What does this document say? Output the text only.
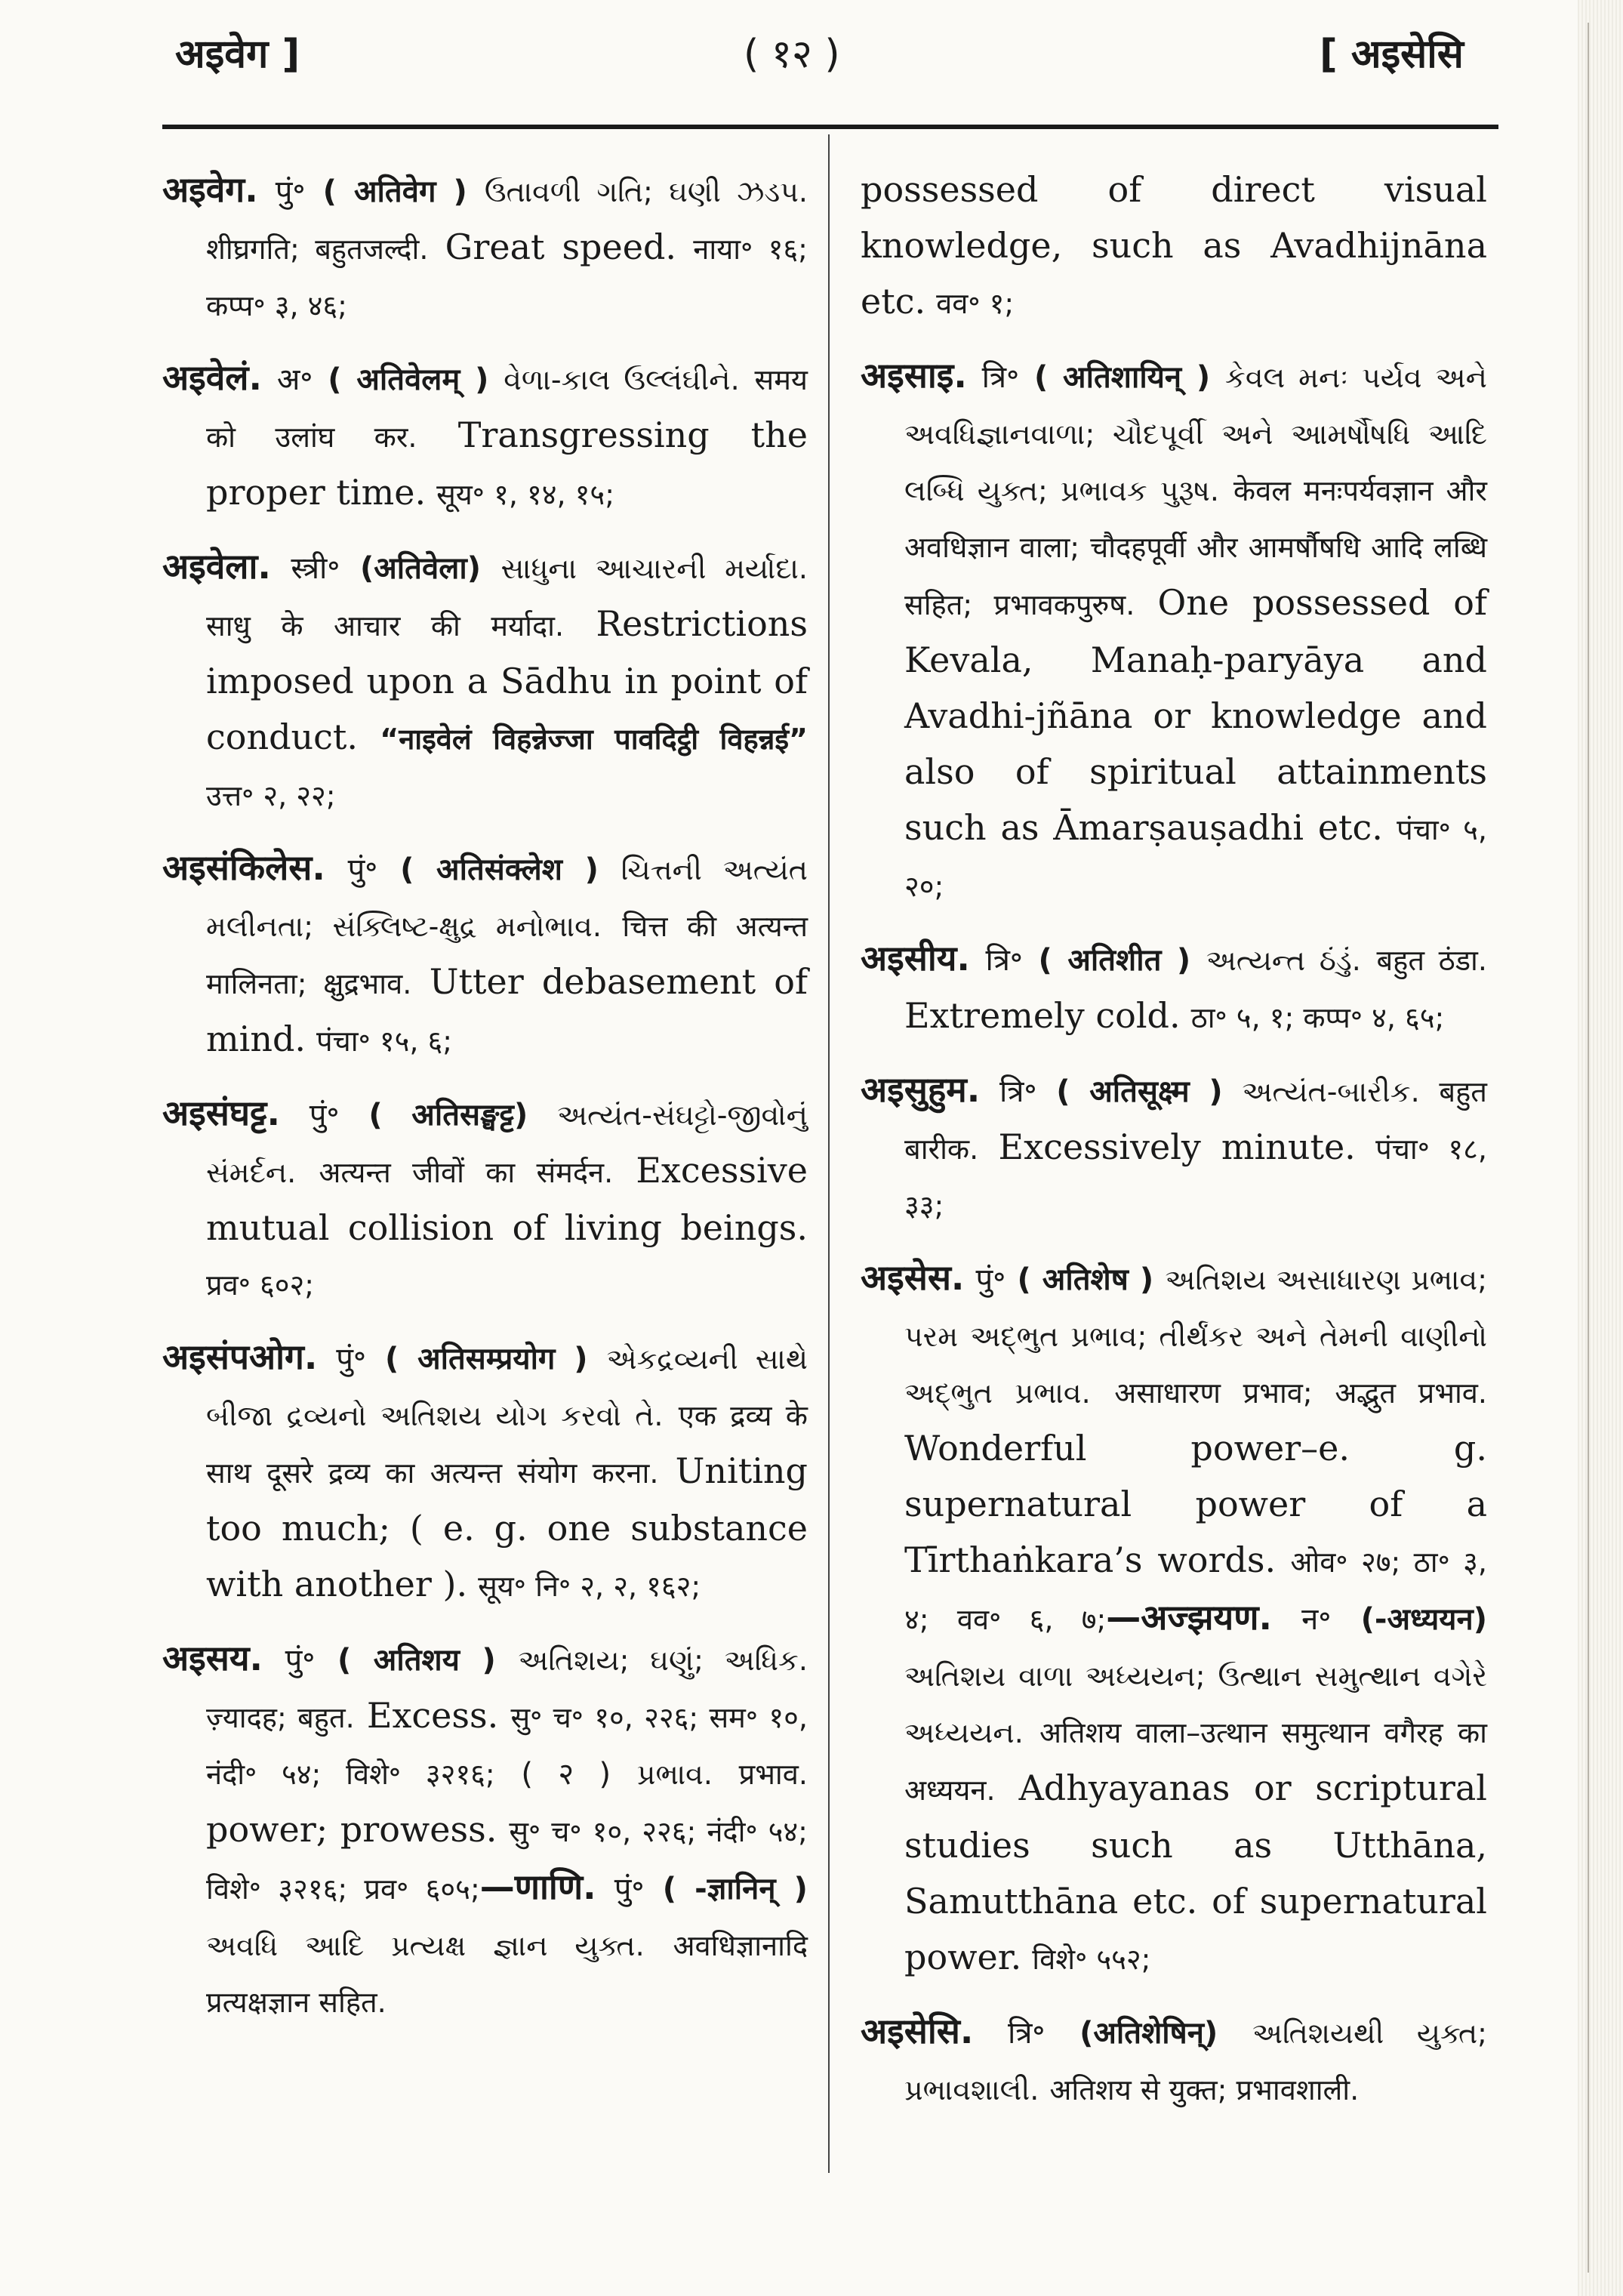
अइवेग ]	( १२ )	[ अइसेसि
अइवेग. पुं॰ ( अतिवेग ) ઉતાવળી ગતિ; ઘણી ઝડપ. शीघ्रगति; बहुतजल्दी. Great speed. नाया॰ १६; कप्प॰ ३, ४६;
अइवेलं. अ॰ ( अतिवेलम् ) વેળા-કાલ ઉલ્લંઘીને. समय को उलांघ कर. Transgressing the proper time. सूय॰ १, १४, १५;
अइवेला. स्त्री॰ (अतिवेला) સાધુના આચારની મર્યાદા. साधु के आचार की मर्यादा. Restrictions imposed upon a Sādhu in point of conduct. “नाइवेलं विहन्नेज्जा पावदिट्ठी विहन्नई” उत्त॰ २, २२;
अइसंकिलेस. पुं॰ ( अतिसंक्लेश ) ચિત્તની અત્યંત મલીનતા; સંક્લિષ્ટ-ક્ષુદ્ર મનોભાવ. चित्त की अत्यन्त मालिनता; क्षुद्रभाव. Utter debasement of mind. पंचा॰ १५, ६;
अइसंघट्ट. पुं॰ ( अतिसङ्घट्ट) અત્યંત-સંઘટ્ટો-જીવોનું સંમર્દન. अत्यन्त जीवों का संमर्दन. Excessive mutual collision of living beings. प्रव॰ ६०२;
अइसंपओग. पुं॰ ( अतिसम्प्रयोग ) એકદ્રવ્યની સાથે બીજા દ્રવ્યનો અતિશય યોગ કરવો તે. एक द्रव्य के साथ दूसरे द्रव्य का अत्यन्त संयोग करना. Uniting too much; ( e. g. one substance with another ). सूय॰ नि॰ २, २, १६२;
अइसय. पुं॰ ( अतिशय ) અતિશય; ઘણું; અધિક. ज़्यादह; बहुत. Excess. सु॰ च॰ १०, २२६; सम॰ १०, नंदी॰ ५४; विशे॰ ३२१६; ( २ ) પ્રભાવ. प्रभाव. power; prowess. सु॰ च॰ १०, २२६; नंदी॰ ५४; विशे॰ ३२१६; प्रव॰ ६०५;—णाणि. पुं॰ ( -ज्ञानिन् ) અવધિ આદિ પ્રત્યક્ષ જ્ઞાન યુક્ત. अवधिज्ञानादि प्रत्यक्षज्ञान सहित.
possessed of direct visual knowledge, such as Avadhijnāna etc. वव॰ १;
अइसाइ. त्रि॰ ( अतिशायिन् ) કેવલ મનઃ પર્યવ અને અવધિજ્ઞાનવાળા; ચૌદપૂર્વી અને આમર્ષૌષધિ આદિ લબ્ધિ યુક્ત; પ્રભાવક પુરૂષ. केवल मनःपर्यवज्ञान और अवधिज्ञान वाला; चौदहपूर्वी और आमर्षौषधि आदि लब्धि सहित; प्रभावकपुरुष. One possessed of Kevala, Manaḥ-paryāya and Avadhi-jñāna or knowledge and also of spiritual attainments such as Āmarṣauṣadhi etc. पंचा॰ ५, २०;
अइसीय. त्रि॰ ( अतिशीत ) અત્યન્ત ઠંડું. बहुत ठंडा. Extremely cold. ठा॰ ५, १; कप्प॰ ४, ६५;
अइसुहुम. त्रि॰ ( अतिसूक्ष्म ) અત્યંત-બારીક. बहुत बारीक. Excessively minute. पंचा॰ १८, ३३;
अइसेस. पुं॰ ( अतिशेष ) અતિશય અસાધારણ પ્રભાવ; પરમ અદ્ભુત પ્રભાવ; તીર્થંકર અને તેમની વાણીનો અદ્ભુત પ્રભાવ. असाधारण प्रभाव; अद्भुत प्रभाव. Wonderful power–e. g. supernatural power of a Tīrthaṅkara’s words. ओव॰ २७; ठा॰ ३, ४; वव॰ ६, ७;—अज्झयण. न॰ (-अध्ययन) અતિશય વાળા અધ્યયન; ઉત્થાન સમુત્થાન વગેરે અધ્યયન. अतिशय वाला–उत्थान समुत्थान वगैरह का अध्ययन. Adhyayanas or scriptural studies such as Utthāna, Samutthāna etc. of supernatural power. विशे॰ ५५२;
अइसेसि. त्रि॰ (अतिशेषिन्) અતિશયથી યુક્ત; પ્રભાવશાલી. अतिशय से युक्त; प्रभावशाली.
